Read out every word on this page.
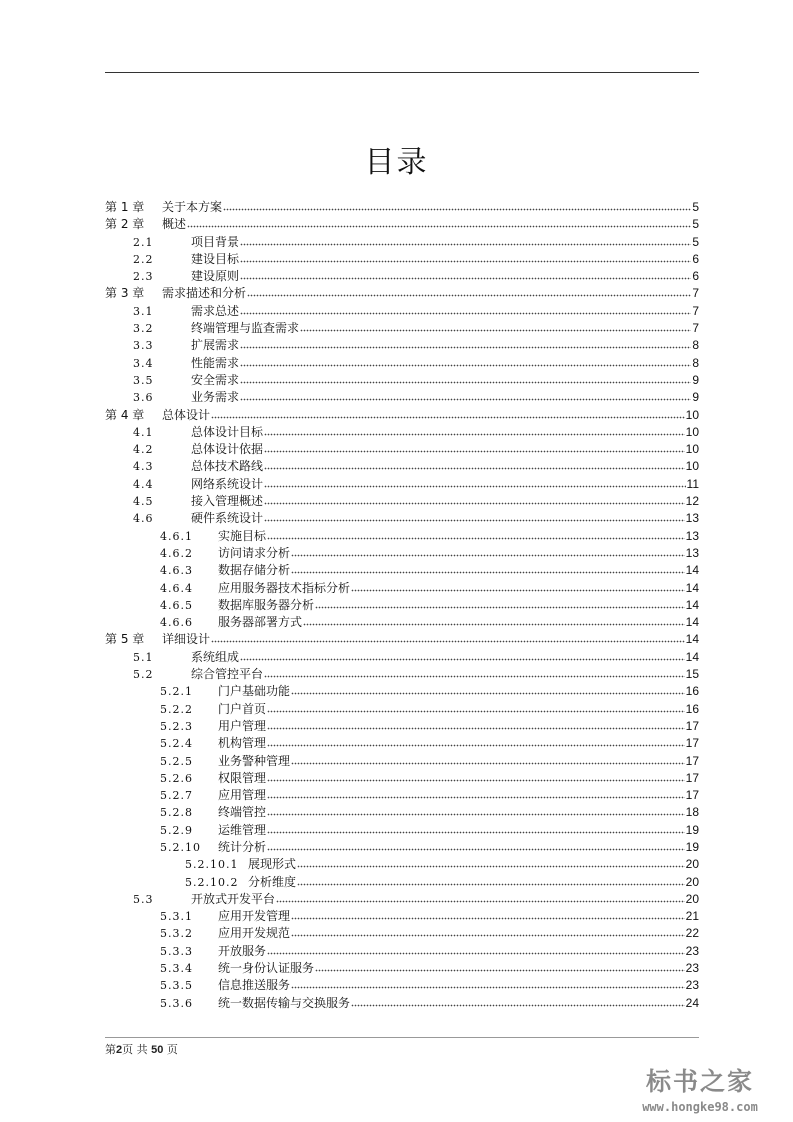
目录
第 1 章	关于本方案	5
第 2 章	概述	5
2.1	项目背景	5
2.2	建设目标	6
2.3	建设原则	6
第 3 章	需求描述和分析	7
3.1	需求总述	7
3.2	终端管理与监查需求	7
3.3	扩展需求	8
3.4	性能需求	8
3.5	安全需求	9
3.6	业务需求	9
第 4 章	总体设计	10
4.1	总体设计目标	10
4.2	总体设计依据	10
4.3	总体技术路线	10
4.4	网络系统设计	11
4.5	接入管理概述	12
4.6	硬件系统设计	13
4.6.1	实施目标	13
4.6.2	访问请求分析	13
4.6.3	数据存储分析	14
4.6.4	应用服务器技术指标分析	14
4.6.5	数据库服务器分析	14
4.6.6	服务器部署方式	14
第 5 章	详细设计	14
5.1	系统组成	14
5.2	综合管控平台	15
5.2.1	门户基础功能	16
5.2.2	门户首页	16
5.2.3	用户管理	17
5.2.4	机构管理	17
5.2.5	业务警种管理	17
5.2.6	权限管理	17
5.2.7	应用管理	17
5.2.8	终端管控	18
5.2.9	运维管理	19
5.2.10	统计分析	19
5.2.10.1 展现形式	20
5.2.10.2 分析维度	20
5.3	开放式开发平台	20
5.3.1	应用开发管理	21
5.3.2	应用开发规范	22
5.3.3	开放服务	23
5.3.4	统一身份认证服务	23
5.3.5	信息推送服务	23
5.3.6	统一数据传输与交换服务	24
第2页 共 50 页
标书之家
www.hongke98.com
